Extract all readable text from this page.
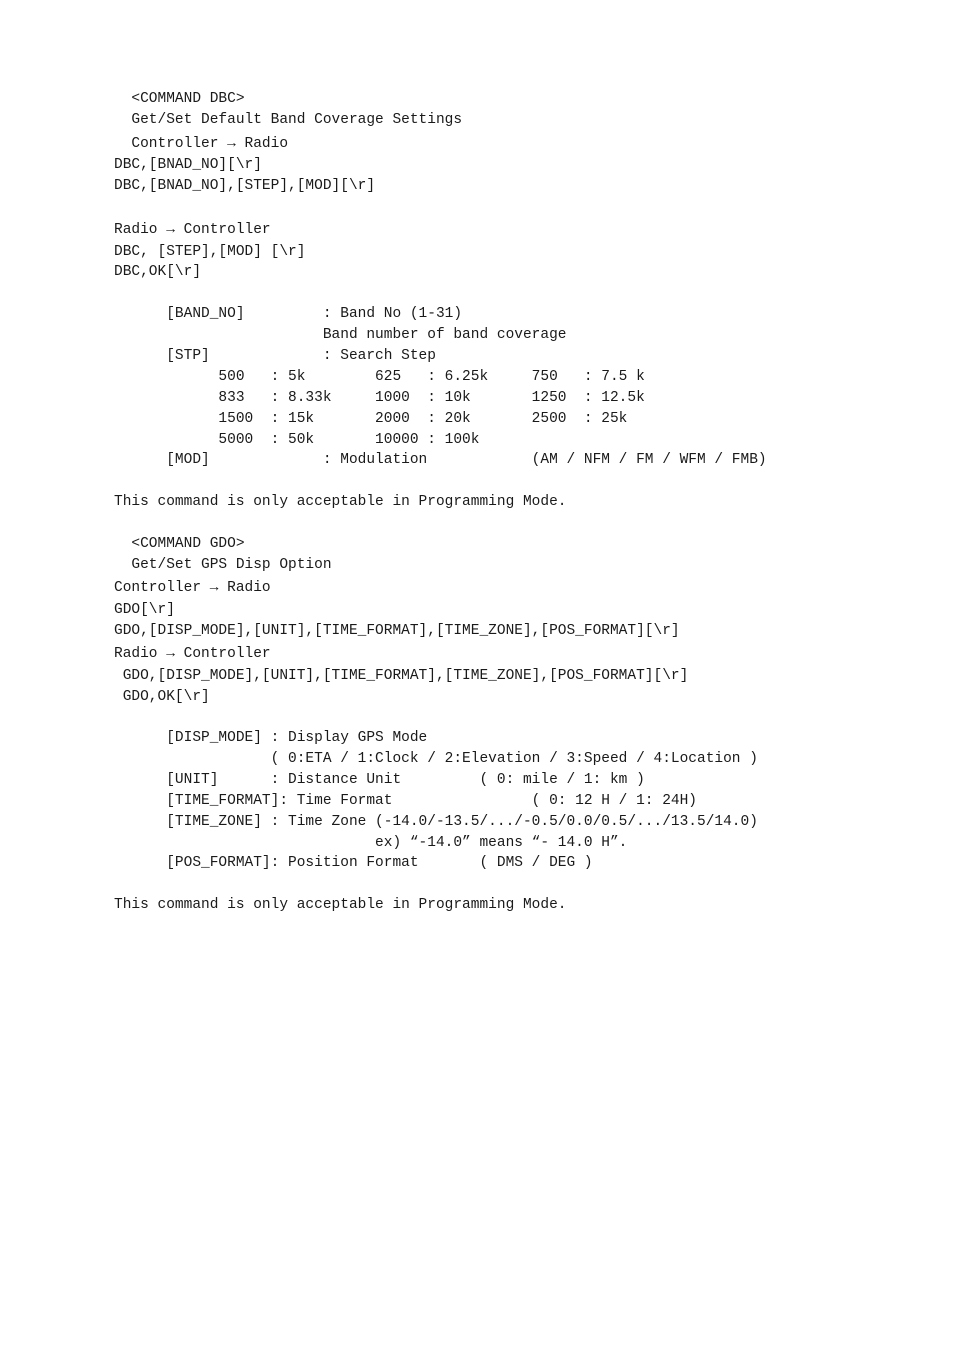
<COMMAND DBC>
Get/Set Default Band Coverage Settings
Controller → Radio
DBC,[BNAD_NO][\r]
DBC,[BNAD_NO],[STEP],[MOD][\r]
Radio → Controller
DBC, [STEP],[MOD] [\r]
DBC,OK[\r]
[BAND_NO]         : Band No (1-31)
Band number of band coverage
[STP]             : Search Step
500   : 5k        625   : 6.25k     750   : 7.5 k
833   : 8.33k     1000  : 10k       1250  : 12.5k
1500  : 15k       2000  : 20k       2500  : 25k
5000  : 50k       10000 : 100k
[MOD]             : Modulation            (AM / NFM / FM / WFM / FMB)
This command is only acceptable in Programming Mode.
<COMMAND GDO>
Get/Set GPS Disp Option
Controller → Radio
GDO[\r]
GDO,[DISP_MODE],[UNIT],[TIME_FORMAT],[TIME_ZONE],[POS_FORMAT][\r]
Radio → Controller
GDO,[DISP_MODE],[UNIT],[TIME_FORMAT],[TIME_ZONE],[POS_FORMAT][\r]
GDO,OK[\r]
[DISP_MODE] : Display GPS Mode
( 0:ETA / 1:Clock / 2:Elevation / 3:Speed / 4:Location )
[UNIT]      : Distance Unit         ( 0: mile / 1: km )
[TIME_FORMAT]: Time Format                ( 0: 12 H / 1: 24H)
[TIME_ZONE] : Time Zone (-14.0/-13.5/.../-0.5/0.0/0.5/.../13.5/14.0)
ex) “-14.0” means “- 14.0 H”.
[POS_FORMAT]: Position Format       ( DMS / DEG )
This command is only acceptable in Programming Mode.
